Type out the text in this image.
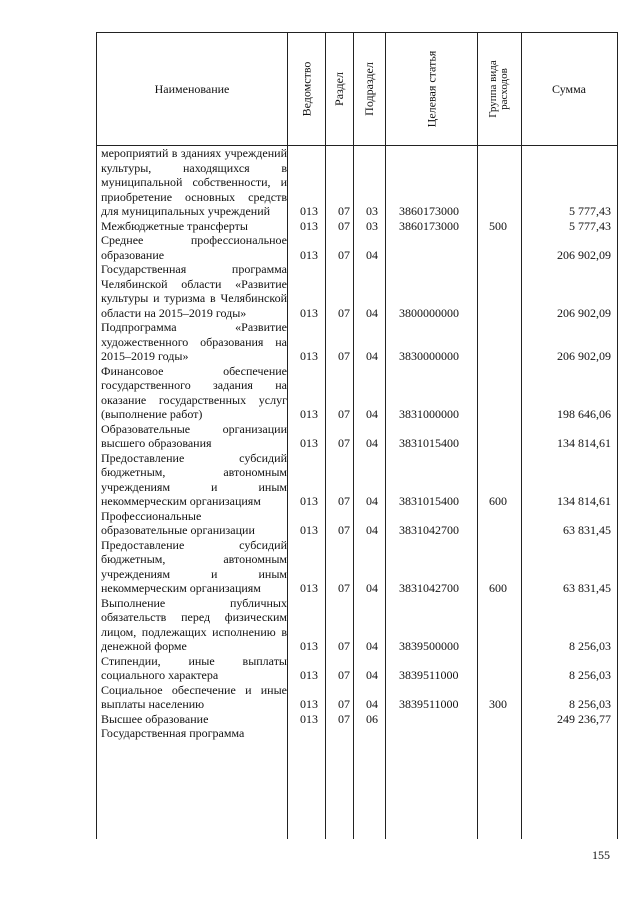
Наименование	Ведомство Раздел Подраздел	Целевая статья	Группа вида расходов	Сумма
мероприятий в зданиях учреждений культуры, находящихся в муниципальной собственности, и приобретение основных средств для муниципальных учреждений	013 07 03 3860173000	5 777,43
Межбюджетные трансферты	013 07 03 3860173000	500	5 777,43
Среднее профессиональное образование	013 07 04	206 902,09
Государственная программа Челябинской области «Развитие культуры и туризма в Челябинской области на 2015–2019 годы»	013 07 04 3800000000	206 902,09
Подпрограмма «Развитие художественного образования на 2015–2019 годы»	013 07 04 3830000000	206 902,09
Финансовое обеспечение государственного задания на оказание государственных услуг (выполнение работ)	013 07 04 3831000000	198 646,06
Образовательные организации высшего образования	013 07 04 3831015400	134 814,61
Предоставление субсидий бюджетным, автономным учреждениям и иным некоммерческим организациям	013 07 04 3831015400	600	134 814,61
Профессиональные образовательные организации	013 07 04 3831042700	63 831,45
Предоставление субсидий бюджетным, автономным учреждениям и иным некоммерческим организациям	013 07 04 3831042700	600	63 831,45
Выполнение публичных обязательств перед физическим лицом, подлежащих исполнению в денежной форме	013 07 04 3839500000	8 256,03
Стипендии, иные выплаты социального характера	013 07 04 3839511000	8 256,03
Социальное обеспечение и иные выплаты населению	013 07 04 3839511000	300	8 256,03
Высшее образование	013 07 06	249 236,77
Государственная программа
155
